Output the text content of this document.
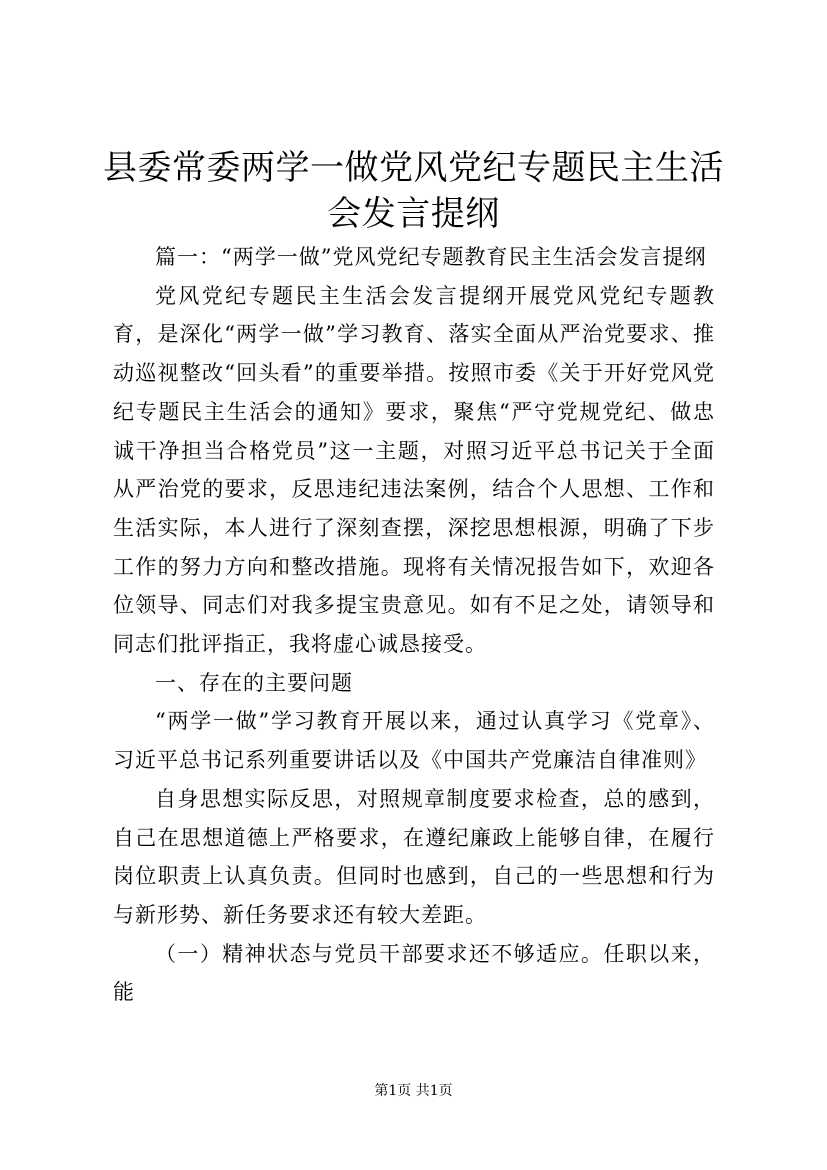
县委常委两学一做党风党纪专题民主生活会发言提纲

篇一：“两学一做”党风党纪专题教育民主生活会发言提纲

党风党纪专题民主生活会发言提纲开展党风党纪专题教育，是深化“两学一做”学习教育、落实全面从严治党要求、推动巡视整改“回头看”的重要举措。按照市委《关于开好党风党纪专题民主生活会的通知》要求，聚焦“严守党规党纪、做忠诚干净担当合格党员”这一主题，对照习近平总书记关于全面从严治党的要求，反思违纪违法案例，结合个人思想、工作和生活实际，本人进行了深刻查摆，深挖思想根源，明确了下步工作的努力方向和整改措施。现将有关情况报告如下，欢迎各位领导、同志们对我多提宝贵意见。如有不足之处，请领导和同志们批评指正，我将虚心诚恳接受。

一、存在的主要问题

“两学一做”学习教育开展以来，通过认真学习《党章》、习近平总书记系列重要讲话以及《中国共产党廉洁自律准则》

自身思想实际反思，对照规章制度要求检查，总的感到，自己在思想道德上严格要求，在遵纪廉政上能够自律，在履行岗位职责上认真负责。但同时也感到，自己的一些思想和行为与新形势、新任务要求还有较大差距。

（一）精神状态与党员干部要求还不够适应。任职以来，能

第1页 共1页
